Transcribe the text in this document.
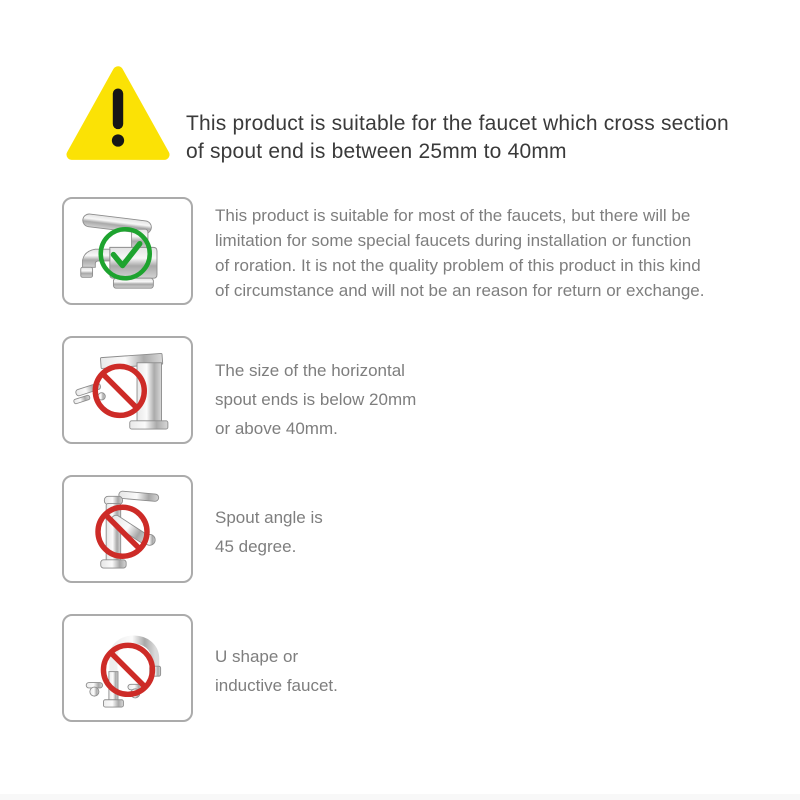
This product is suitable for the faucet which cross section
of spout end is between 25mm to 40mm
This product is suitable for most of the faucets, but there will be
limitation for some special faucets during installation or function
of roration. It is not the quality problem of this product in this kind
of circumstance and will not be an reason for return or exchange.
The size of the horizontal
spout ends is below 20mm
or above 40mm.
Spout angle is
45 degree.
U shape or
inductive faucet.
